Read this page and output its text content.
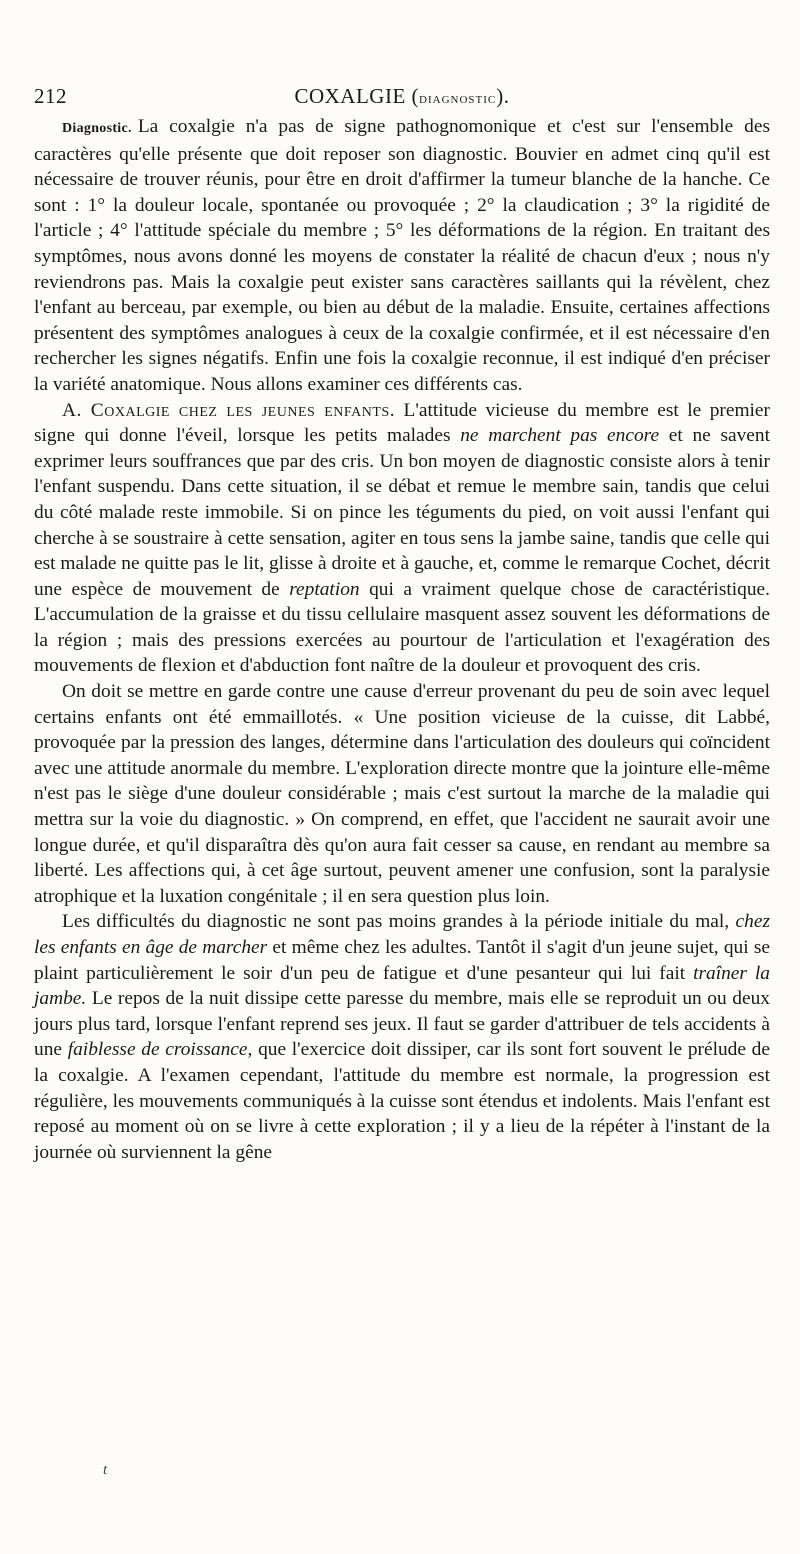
212	COXALGIE (diagnostic).

Diagnostic. La coxalgie n'a pas de signe pathognomonique et c'est sur l'ensemble des caractères qu'elle présente que doit reposer son diagnostic. Bouvier en admet cinq qu'il est nécessaire de trouver réunis, pour être en droit d'affirmer la tumeur blanche de la hanche. Ce sont : 1° la douleur locale, spontanée ou provoquée ; 2° la claudication ; 3° la rigidité de l'article ; 4° l'attitude spéciale du membre ; 5° les déformations de la région. En traitant des symptômes, nous avons donné les moyens de constater la réalité de chacun d'eux ; nous n'y reviendrons pas. Mais la coxalgie peut exister sans caractères saillants qui la révèlent, chez l'enfant au berceau, par exemple, ou bien au début de la maladie. Ensuite, certaines affections présentent des symptômes analogues à ceux de la coxalgie confirmée, et il est nécessaire d'en rechercher les signes négatifs. Enfin une fois la coxalgie reconnue, il est indiqué d'en préciser la variété anatomique. Nous allons examiner ces différents cas.

A. Coxalgie chez les jeunes enfants. L'attitude vicieuse du membre est le premier signe qui donne l'éveil, lorsque les petits malades ne marchent pas encore et ne savent exprimer leurs souffrances que par des cris. Un bon moyen de diagnostic consiste alors à tenir l'enfant suspendu. Dans cette situation, il se débat et remue le membre sain, tandis que celui du côté malade reste immobile. Si on pince les téguments du pied, on voit aussi l'enfant qui cherche à se soustraire à cette sensation, agiter en tous sens la jambe saine, tandis que celle qui est malade ne quitte pas le lit, glisse à droite et à gauche, et, comme le remarque Cochet, décrit une espèce de mouvement de reptation qui a vraiment quelque chose de caractéristique. L'accumulation de la graisse et du tissu cellulaire masquent assez souvent les déformations de la région ; mais des pressions exercées au pourtour de l'articulation et l'exagération des mouvements de flexion et d'abduction font naître de la douleur et provoquent des cris.

On doit se mettre en garde contre une cause d'erreur provenant du peu de soin avec lequel certains enfants ont été emmaillotés. « Une position vicieuse de la cuisse, dit Labbé, provoquée par la pression des langes, détermine dans l'articulation des douleurs qui coïncident avec une attitude anormale du membre. L'exploration directe montre que la jointure elle-même n'est pas le siège d'une douleur considérable ; mais c'est surtout la marche de la maladie qui mettra sur la voie du diagnostic. » On comprend, en effet, que l'accident ne saurait avoir une longue durée, et qu'il disparaîtra dès qu'on aura fait cesser sa cause, en rendant au membre sa liberté. Les affections qui, à cet âge surtout, peuvent amener une confusion, sont la paralysie atrophique et la luxation congénitale ; il en sera question plus loin.

Les difficultés du diagnostic ne sont pas moins grandes à la période initiale du mal, chez les enfants en âge de marcher et même chez les adultes. Tantôt il s'agit d'un jeune sujet, qui se plaint particulièrement le soir d'un peu de fatigue et d'une pesanteur qui lui fait traîner la jambe. Le repos de la nuit dissipe cette paresse du membre, mais elle se reproduit un ou deux jours plus tard, lorsque l'enfant reprend ses jeux. Il faut se garder d'attribuer de tels accidents à une faiblesse de croissance, que l'exercice doit dissiper, car ils sont fort souvent le prélude de la coxalgie. A l'examen cependant, l'attitude du membre est normale, la progression est régulière, les mouvements communiqués à la cuisse sont étendus et indolents. Mais l'enfant est reposé au moment où on se livre à cette exploration ; il y a lieu de la répéter à l'instant de la journée où surviennent la gêne

t
